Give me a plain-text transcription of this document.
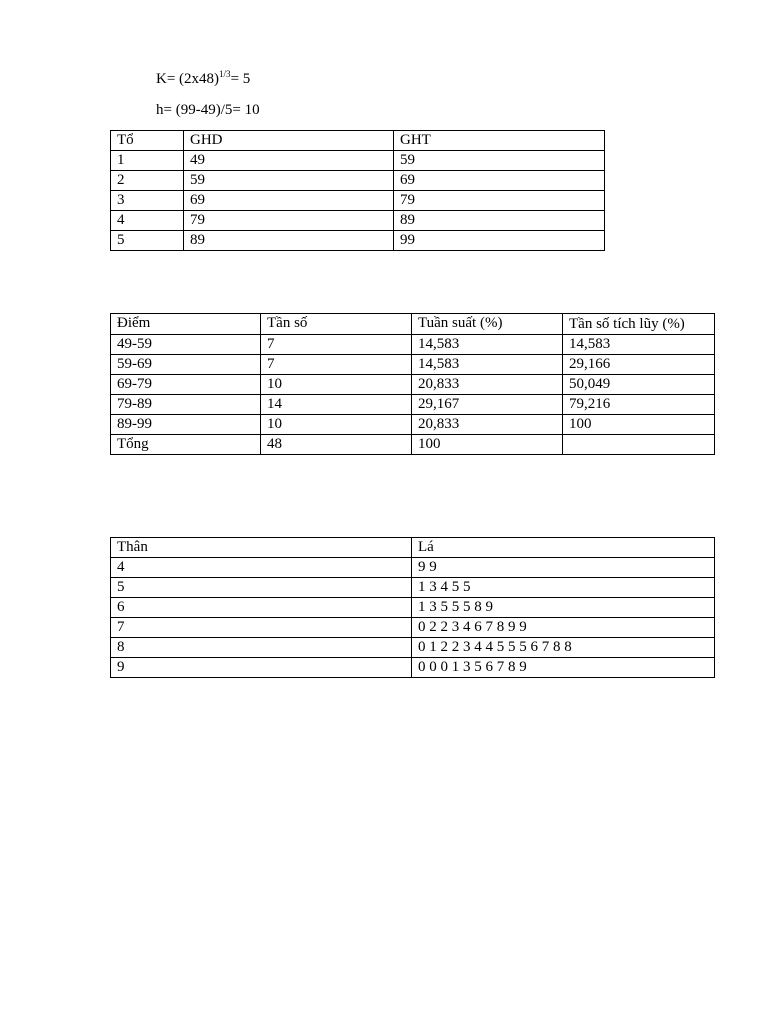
$K= (2x48)^{1/3}= 5$
h= (99-49)/5= 10
Tổ	GHD	GHT
1	49	59
2	59	69
3	69	79
4	79	89
5	89	99
Điểm	Tần số	Tuần suất (%)	Tần số tích lũy (%)
49-59	7	14,583	14,583
59-69	7	14,583	29,166
69-79	10	20,833	50,049
79-89	14	29,167	79,216
89-99	10	20,833	100
Tổng	48	100	
Thân	Lá
4	9 9
5	1 3 4 5 5
6	1 3 5 5 5 8 9
7	0 2 2 3 4 6 7 8 9 9
8	0 1 2 2 3 4 4 5 5 5 6 7 8 8
9	0 0 0 1 3 5 6 7 8 9
